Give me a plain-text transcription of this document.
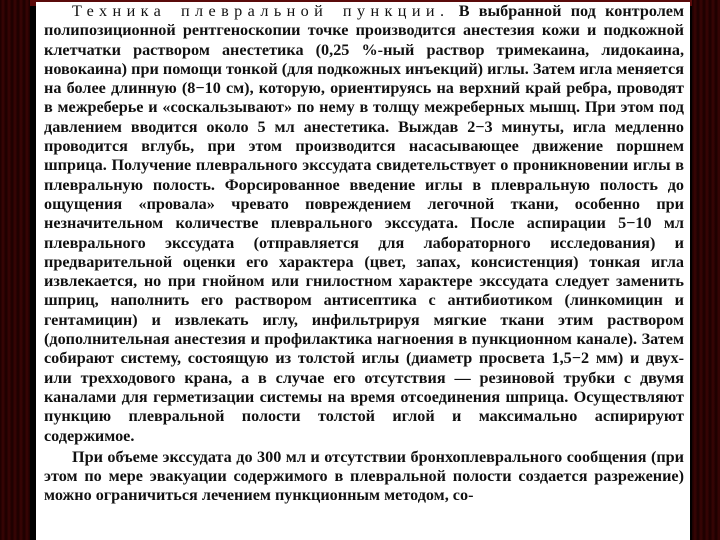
Техника плевральной пункции. В выбранной под контролем полипозиционной рентгеноскопии точке производится анестезия кожи и подкожной клетчатки раствором анестетика (0,25 %-ный раствор тримекаина, лидокаина, новокаина) при помощи тонкой (для подкожных инъекций) иглы. Затем игла меняется на более длинную (8−10 см), которую, ориентируясь на верхний край ребра, проводят в межреберье и «соскальзывают» по нему в толщу межреберных мышц. При этом под давлением вводится около 5 мл анестетика. Выждав 2−3 минуты, игла медленно проводится вглубь, при этом производится насасывающее движение поршнем шприца. Получение плеврального экссудата свидетельствует о проникновении иглы в плевральную полость. Форсированное введение иглы в плевральную полость до ощущения «провала» чревато повреждением легочной ткани, особенно при незначительном количестве плеврального экссудата. После аспирации 5−10 мл плеврального экссудата (отправляется для лабораторного исследования) и предварительной оценки его характера (цвет, запах, консистенция) тонкая игла извлекается, но при гнойном или гнилостном характере экссудата следует заменить шприц, наполнить его раствором антисептика с антибиотиком (линкомицин и гентамицин) и извлекать иглу, инфильтрируя мягкие ткани этим раствором (дополнительная анестезия и профилактика нагноения в пункционном канале). Затем собирают систему, состоящую из толстой иглы (диаметр просвета 1,5−2 мм) и двух- или трехходового крана, а в случае его отсутствия — резиновой трубки с двумя каналами для герметизации системы на время отсоединения шприца. Осуществляют пункцию плевральной полости толстой иглой и максимально аспирируют содержимое.

При объеме экссудата до 300 мл и отсутствии бронхоплеврального сообщения (при этом по мере эвакуации содержимого в плевральной полости создается разрежение) можно ограничиться лечением пункционным методом, со-
